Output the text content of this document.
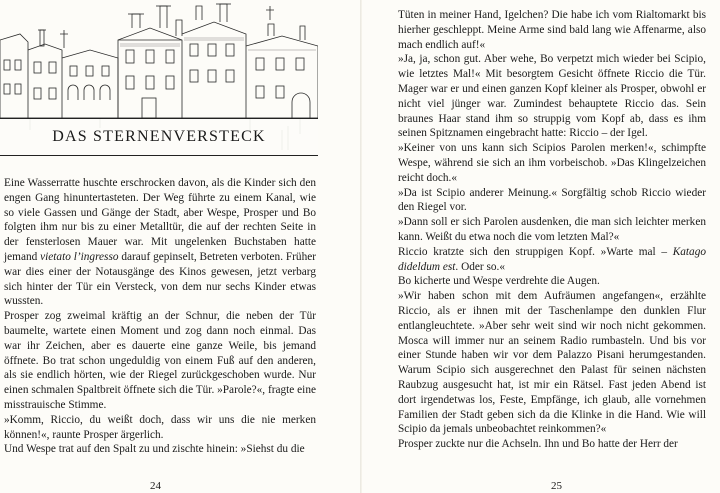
DAS STERNENVERSTECK

Eine Wasserratte huschte erschrocken davon, als die Kinder sich den engen Gang hinuntertasteten. Der Weg führte zu einem Kanal, wie so viele Gassen und Gänge der Stadt, aber Wespe, Prosper und Bo folgten ihm nur bis zu einer Metalltür, die auf der rechten Seite in der fensterlosen Mauer war. Mit ungelenken Buchstaben hatte jemand vietato l’ingresso darauf gepinselt, Betreten verboten. Früher war dies einer der Notausgänge des Kinos gewesen, jetzt verbarg sich hinter der Tür ein Versteck, von dem nur sechs Kinder etwas wussten.

Prosper zog zweimal kräftig an der Schnur, die neben der Tür baumelte, wartete einen Moment und zog dann noch einmal. Das war ihr Zeichen, aber es dauerte eine ganze Weile, bis jemand öffnete. Bo trat schon ungeduldig von einem Fuß auf den anderen, als sie endlich hörten, wie der Riegel zurückgeschoben wurde. Nur einen schmalen Spaltbreit öffnete sich die Tür. »Parole?«, fragte eine misstrauische Stimme.

»Komm, Riccio, du weißt doch, dass wir uns die nie merken können!«, raunte Prosper ärgerlich.

Und Wespe trat auf den Spalt zu und zischte hinein: »Siehst du die

24

Tüten in meiner Hand, Igelchen? Die habe ich vom Rialtomarkt bis hierher geschleppt. Meine Arme sind bald lang wie Affenarme, also mach endlich auf!«

»Ja, ja, schon gut. Aber wehe, Bo verpetzt mich wieder bei Scipio, wie letztes Mal!« Mit besorgtem Gesicht öffnete Riccio die Tür. Mager war er und einen ganzen Kopf kleiner als Prosper, obwohl er nicht viel jünger war. Zumindest behauptete Riccio das. Sein braunes Haar stand ihm so struppig vom Kopf ab, dass es ihm seinen Spitznamen eingebracht hatte: Riccio – der Igel.

»Keiner von uns kann sich Scipios Parolen merken!«, schimpfte Wespe, während sie sich an ihm vorbeischob. »Das Klingelzeichen reicht doch.«

»Da ist Scipio anderer Meinung.« Sorgfältig schob Riccio wieder den Riegel vor.

»Dann soll er sich Parolen ausdenken, die man sich leichter merken kann. Weißt du etwa noch die vom letzten Mal?«

Riccio kratzte sich den struppigen Kopf. »Warte mal – Katago dideldum est. Oder so.«

Bo kicherte und Wespe verdrehte die Augen.

»Wir haben schon mit dem Aufräumen angefangen«, erzählte Riccio, als er ihnen mit der Taschenlampe den dunklen Flur entlangleuchtete. »Aber sehr weit sind wir noch nicht gekommen. Mosca will immer nur an seinem Radio rumbasteln. Und bis vor einer Stunde haben wir vor dem Palazzo Pisani herumgestanden. Warum Scipio sich ausgerechnet den Palast für seinen nächsten Raubzug ausgesucht hat, ist mir ein Rätsel. Fast jeden Abend ist dort irgendetwas los, Feste, Empfänge, ich glaub, alle vornehmen Familien der Stadt geben sich da die Klinke in die Hand. Wie will Scipio da jemals unbeobachtet reinkommen?«

Prosper zuckte nur die Achseln. Ihn und Bo hatte der Herr der

25
